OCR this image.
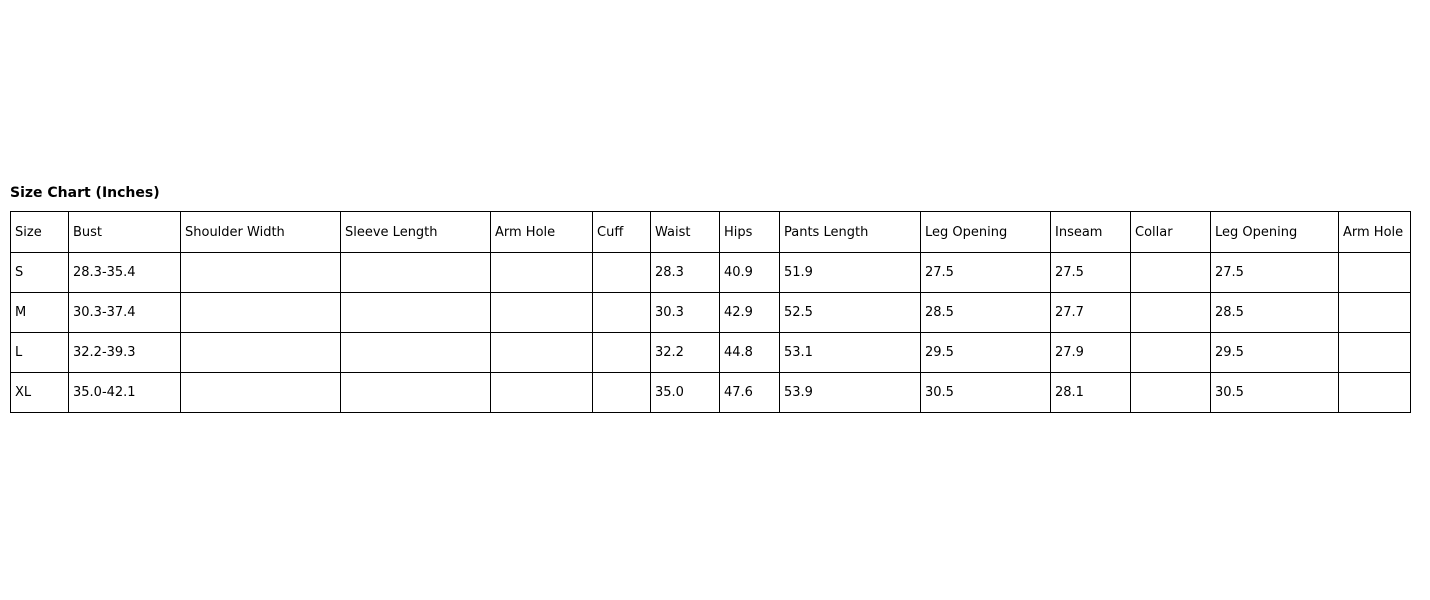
Size Chart (Inches)
Size	Bust	Shoulder Width	Sleeve Length	Arm Hole	Cuff	Waist	Hips	Pants Length	Leg Opening	Inseam	Collar	Leg Opening	Arm Hole
S	28.3-35.4					28.3	40.9	51.9	27.5	27.5		27.5	
M	30.3-37.4					30.3	42.9	52.5	28.5	27.7		28.5	
L	32.2-39.3					32.2	44.8	53.1	29.5	27.9		29.5	
XL	35.0-42.1					35.0	47.6	53.9	30.5	28.1		30.5	
